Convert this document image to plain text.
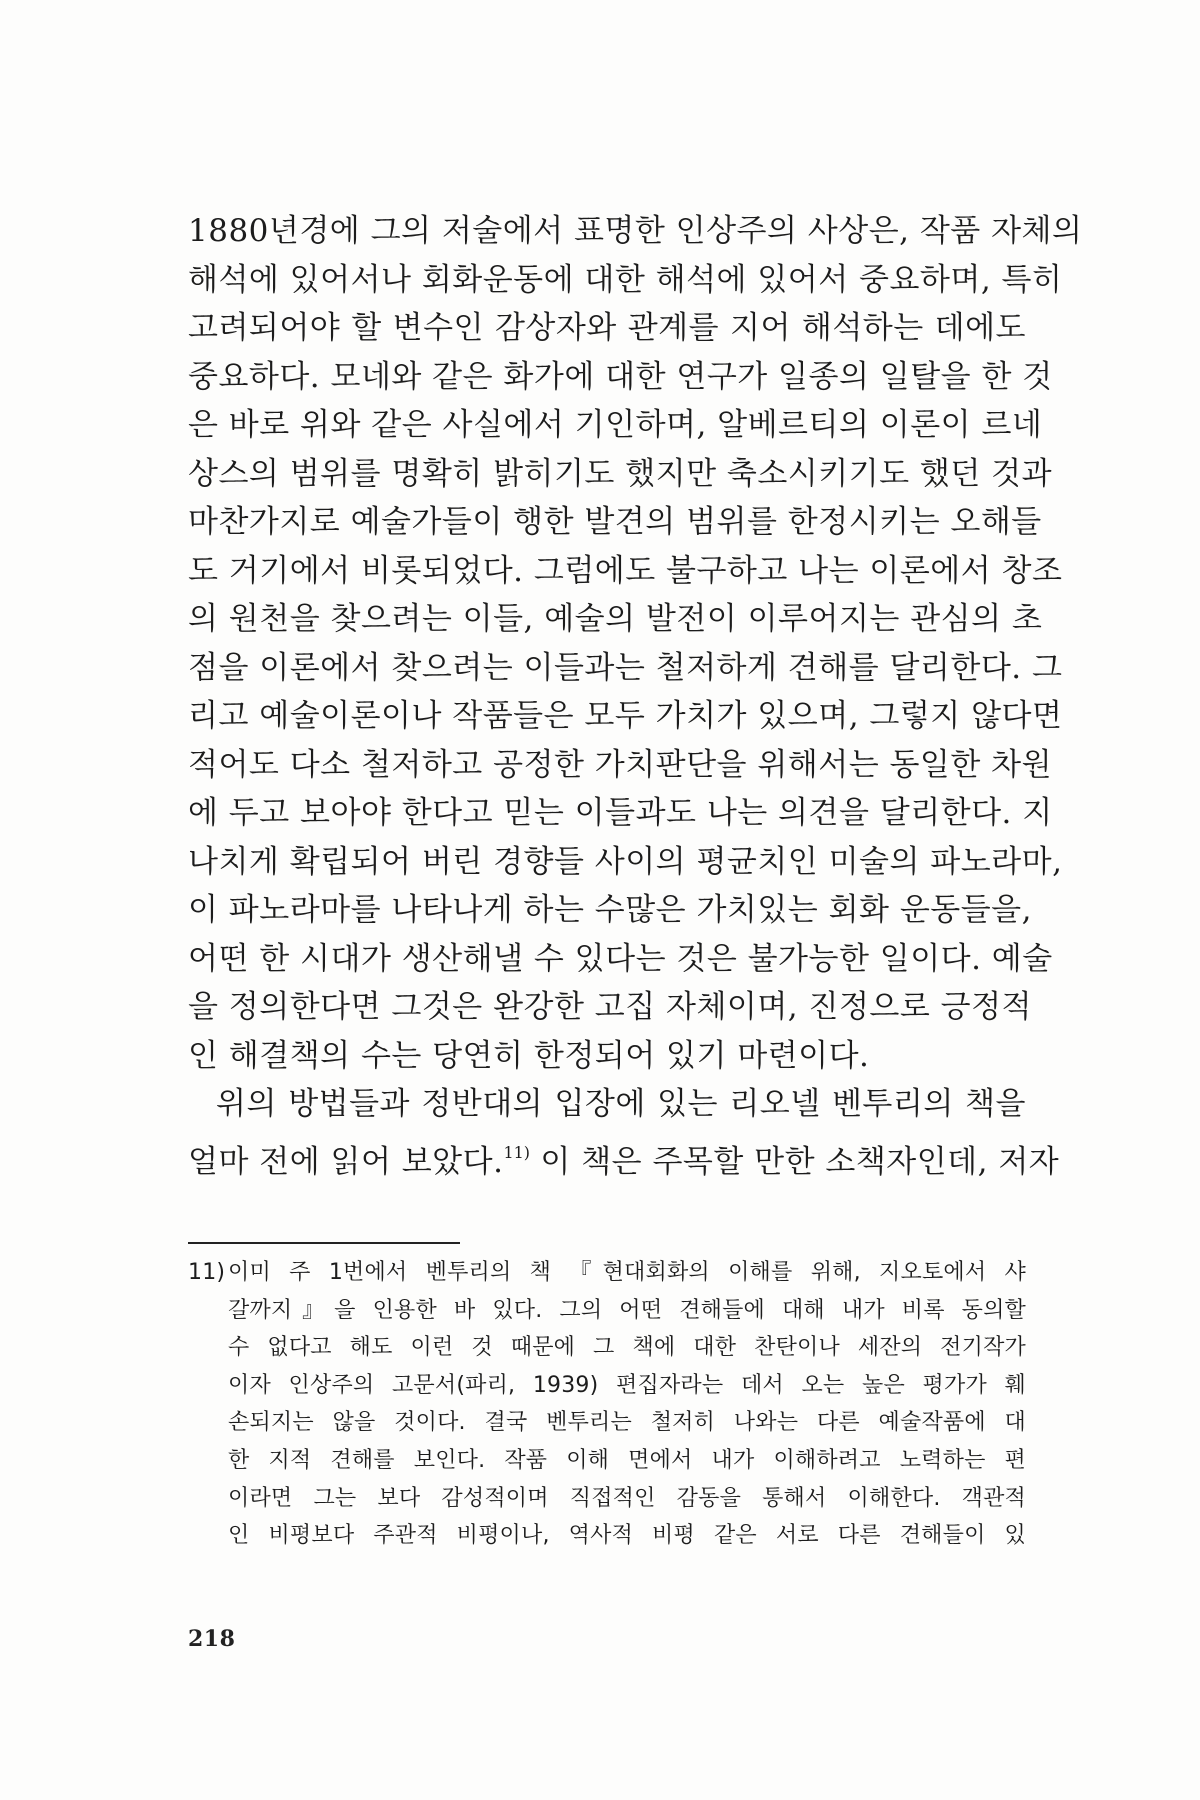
1880년경에 그의 저술에서 표명한 인상주의 사상은, 작품 자체의
해석에 있어서나 회화운동에 대한 해석에 있어서 중요하며, 특히
고려되어야 할 변수인 감상자와 관계를 지어 해석하는 데에도
중요하다. 모네와 같은 화가에 대한 연구가 일종의 일탈을 한 것
은 바로 위와 같은 사실에서 기인하며, 알베르티의 이론이 르네
상스의 범위를 명확히 밝히기도 했지만 축소시키기도 했던 것과
마찬가지로 예술가들이 행한 발견의 범위를 한정시키는 오해들
도 거기에서 비롯되었다. 그럼에도 불구하고 나는 이론에서 창조
의 원천을 찾으려는 이들, 예술의 발전이 이루어지는 관심의 초
점을 이론에서 찾으려는 이들과는 철저하게 견해를 달리한다. 그
리고 예술이론이나 작품들은 모두 가치가 있으며, 그렇지 않다면
적어도 다소 철저하고 공정한 가치판단을 위해서는 동일한 차원
에 두고 보아야 한다고 믿는 이들과도 나는 의견을 달리한다. 지
나치게 확립되어 버린 경향들 사이의 평균치인 미술의 파노라마,
이 파노라마를 나타나게 하는 수많은 가치있는 회화 운동들을,
어떤 한 시대가 생산해낼 수 있다는 것은 불가능한 일이다. 예술
을 정의한다면 그것은 완강한 고집 자체이며, 진정으로 긍정적
인 해결책의 수는 당연히 한정되어 있기 마련이다.
위의 방법들과 정반대의 입장에 있는 리오넬 벤투리의 책을
얼마 전에 읽어 보았다.$^{11)}$ 이 책은 주목할 만한 소책자인데, 저자
11) 이미 주 1번에서 벤투리의 책 『현대회화의 이해를 위해, 지오토에서 샤
갈까지』을 인용한 바 있다. 그의 어떤 견해들에 대해 내가 비록 동의할
수 없다고 해도 이런 것 때문에 그 책에 대한 찬탄이나 세잔의 전기작가
이자 인상주의 고문서(파리, 1939) 편집자라는 데서 오는 높은 평가가 훼
손되지는 않을 것이다. 결국 벤투리는 철저히 나와는 다른 예술작품에 대
한 지적 견해를 보인다. 작품 이해 면에서 내가 이해하려고 노력하는 편
이라면 그는 보다 감성적이며 직접적인 감동을 통해서 이해한다. 객관적
인 비평보다 주관적 비평이나, 역사적 비평 같은 서로 다른 견해들이 있
218
